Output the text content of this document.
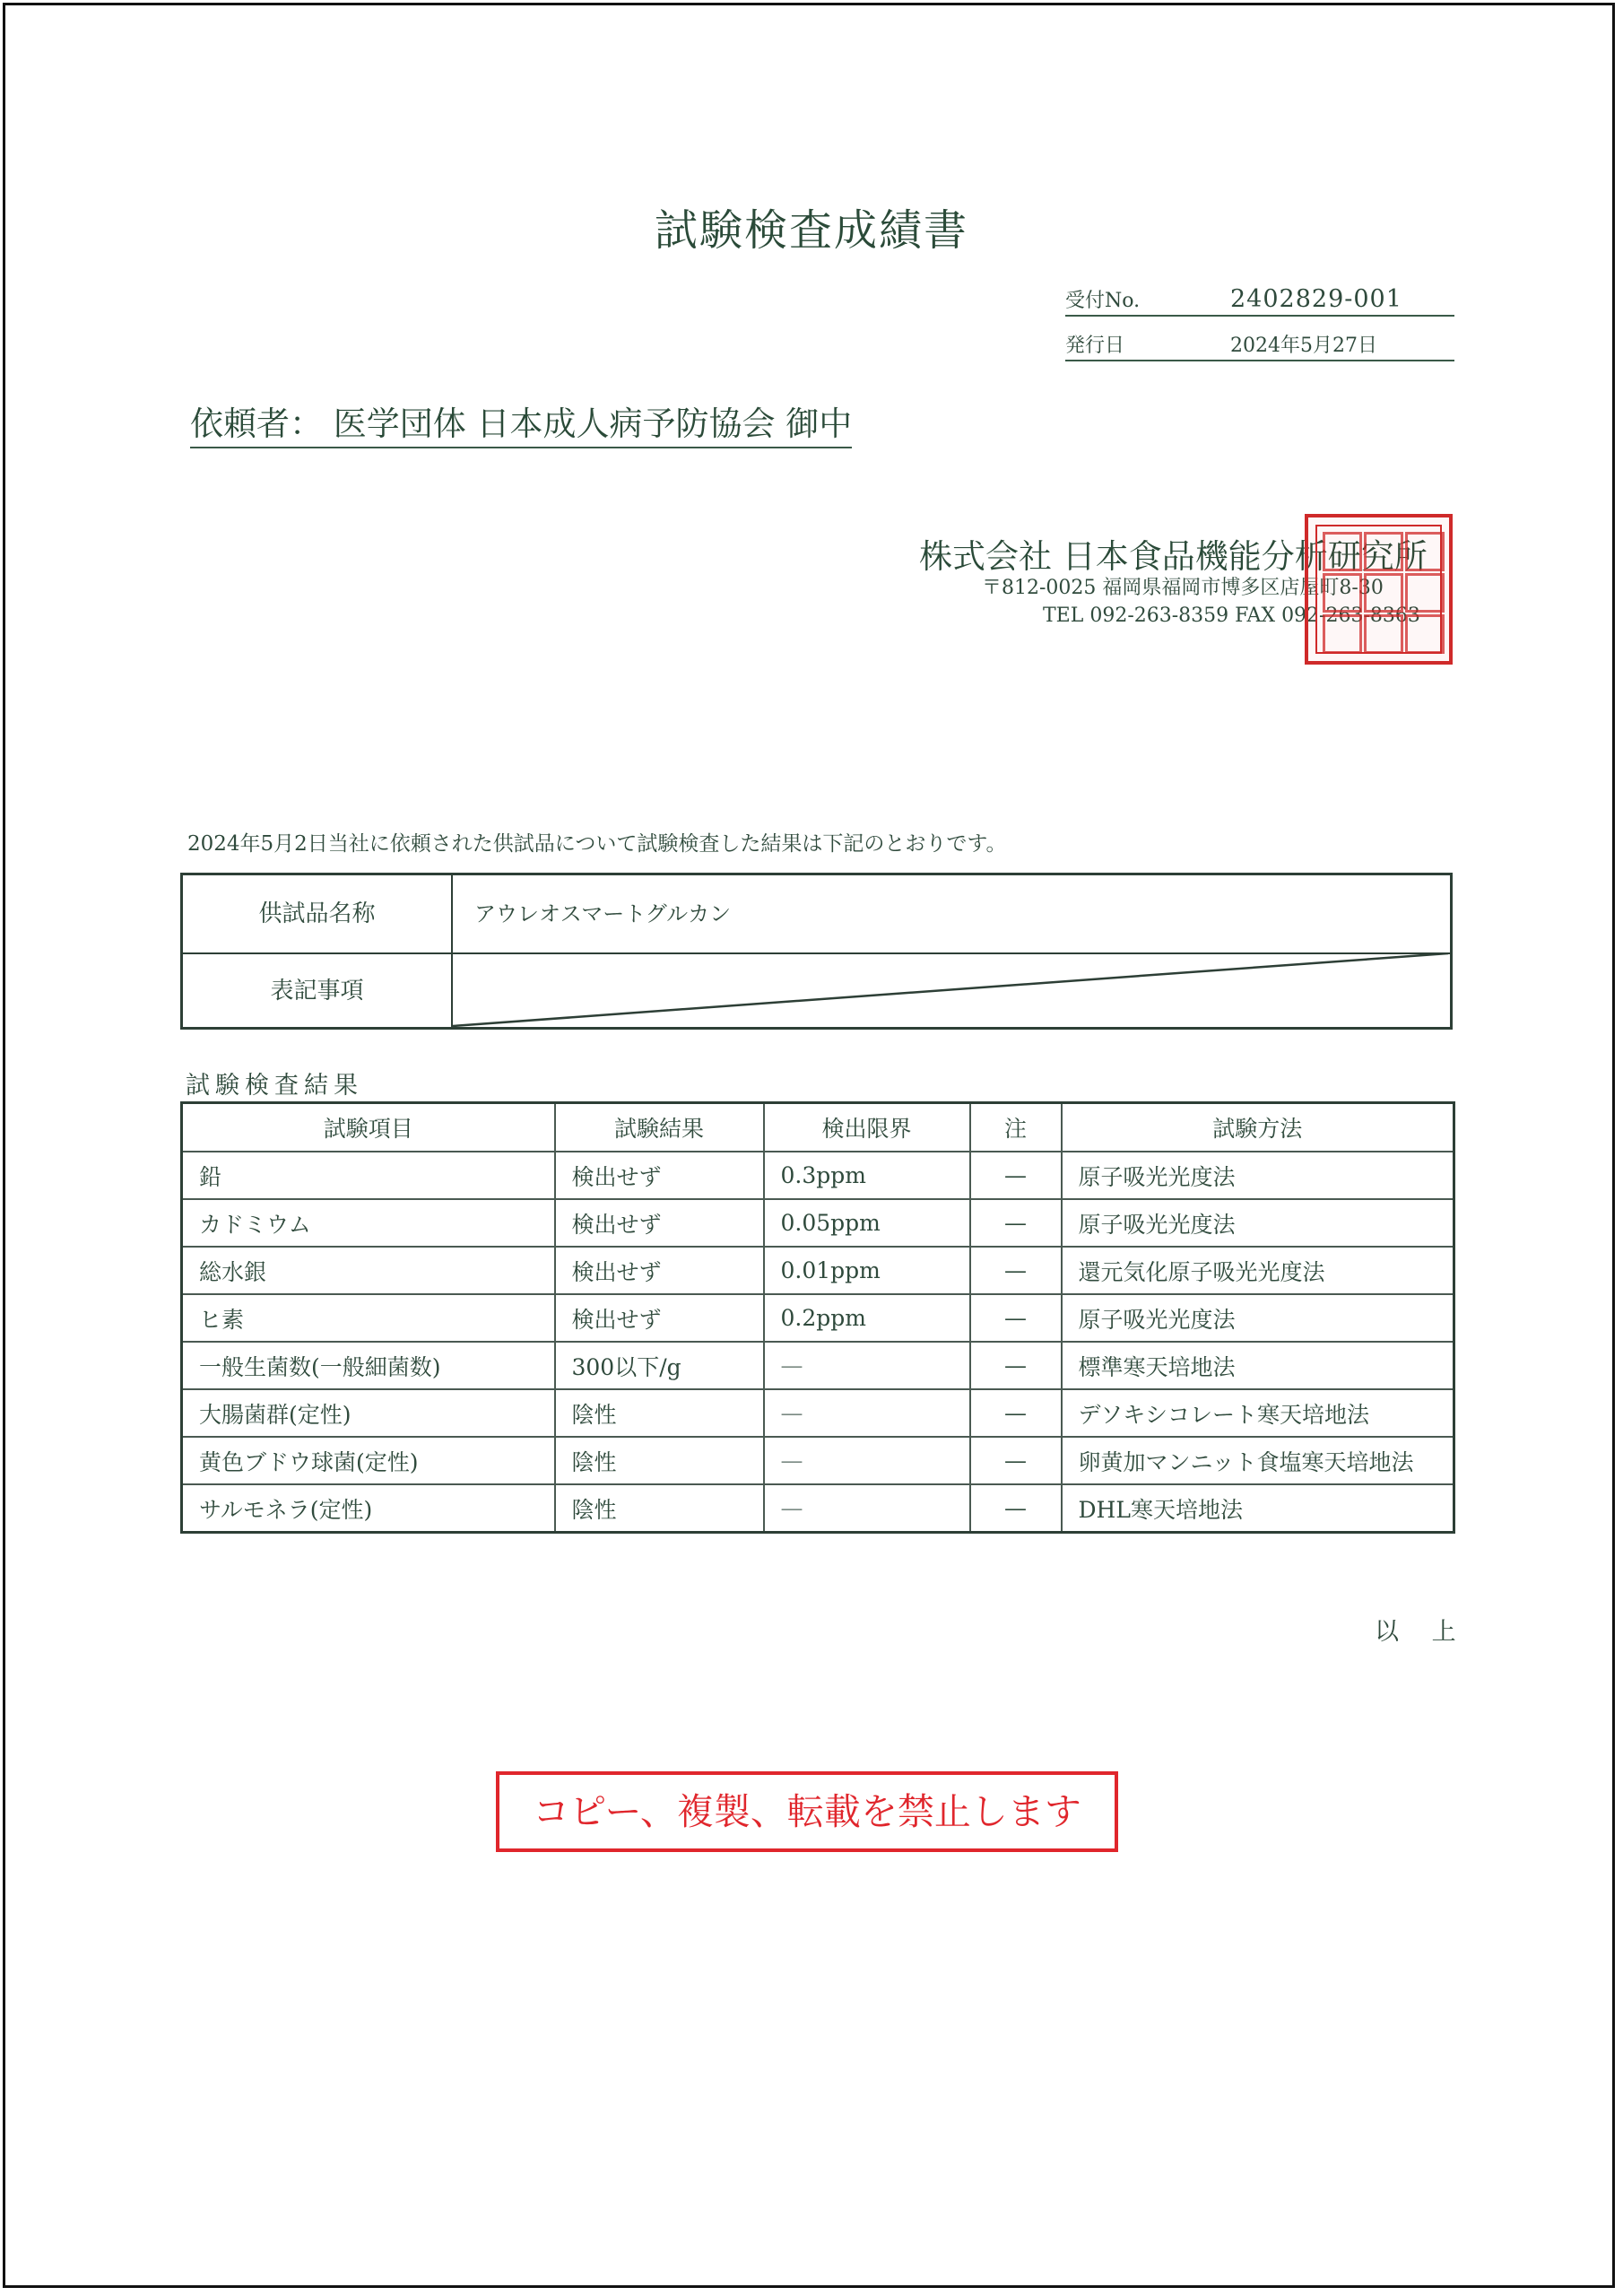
試験検査成績書
受付No.	2402829-001
発行日	2024年5月27日
依頼者： 医学団体 日本成人病予防協会 御中
株式会社 日本食品機能分析研究所
〒812-0025 福岡県福岡市博多区店屋町8-30
TEL 092-263-8359 FAX 092-263-8363
2024年5月2日当社に依頼された供試品について試験検査した結果は下記のとおりです。
供試品名称	アウレオスマートグルカン
表記事項
試験検査結果
試験項目	試験結果	検出限界	注	試験方法
鉛	検出せず	0.3ppm	—	原子吸光光度法
カドミウム	検出せず	0.05ppm	—	原子吸光光度法
総水銀	検出せず	0.01ppm	—	還元気化原子吸光光度法
ヒ素	検出せず	0.2ppm	—	原子吸光光度法
一般生菌数(一般細菌数)	300以下/g	—	—	標準寒天培地法
大腸菌群(定性)	陰性	—	—	デソキシコレート寒天培地法
黄色ブドウ球菌(定性)	陰性	—	—	卵黄加マンニット食塩寒天培地法
サルモネラ(定性)	陰性	—	—	DHL寒天培地法
以 上
コピー、複製、転載を禁止します
